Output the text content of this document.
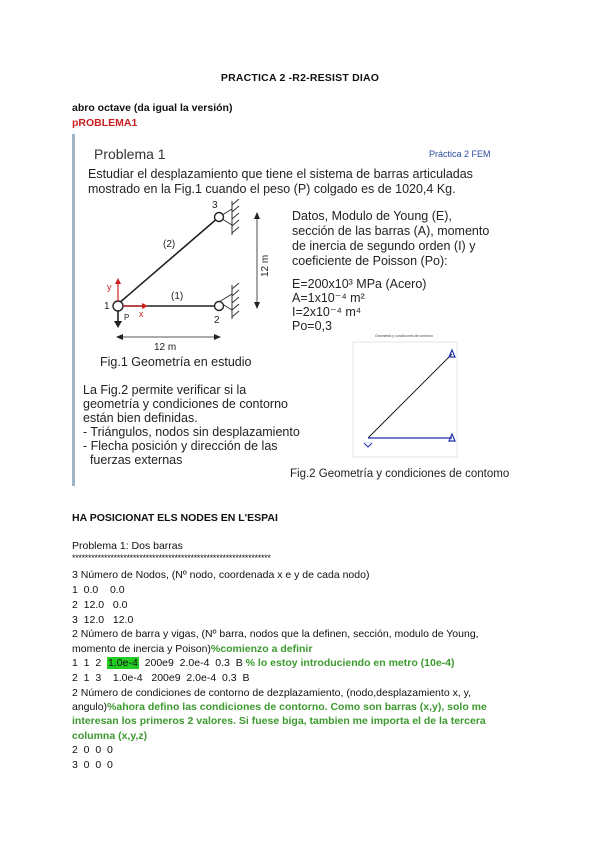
PRACTICA 2 -R2-RESIST DIAO
abro octave (da igual la versión)
pROBLEMA1
Problema 1	Práctica 2 FEM
Estudiar el desplazamiento que tiene el sistema de barras articuladas
mostrado en la Fig.1 cuando el peso (P) colgado es de 1020,4 Kg.
Datos, Modulo de Young (E),
sección de las barras (A), momento
de inercia de segundo orden (I) y
coeficiente de Poisson (Po):
E=200x10³ MPa (Acero)
A=1x10⁻⁴ m²
I=2x10⁻⁴ m⁴
Po=0,3
3
2
1
(2)
(1)
y
x
P
12 m
12 m
Fig.1 Geometría en estudio
Geometria y condiciones de contorno
La Fig.2 permite verificar si la
geometría y condiciones de contorno
están bien definidas.
- Triángulos, nodos sin desplazamiento
- Flecha posición y dirección de las
fuerzas externas
Fig.2 Geometría y condiciones de contomo
HA POSICIONAT ELS NODES EN L'ESPAI
Problema 1: Dos barras
**************************************************************
3 Número de Nodos, (Nº nodo, coordenada x e y de cada nodo)
1  0.0    0.0
2  12.0   0.0
3  12.0   12.0
2 Número de barra y vigas, (Nº barra, nodos que la definen, sección, modulo de Young,
momento de inercia y Poison)%comienzo a definir
1  1  2  1.0e-4  200e9  2.0e-4  0.3  B % lo estoy introduciendo en metro (10e-4)
2  1  3    1.0e-4   200e9  2.0e-4  0.3  B
2 Número de condiciones de contorno de dezplazamiento, (nodo,desplazamiento x, y,
angulo)%ahora defino las condiciones de contorno. Como son barras (x,y), solo me
interesan los primeros 2 valores. Si fuese biga, tambien me importa el de la tercera
columna (x,y,z)
2  0  0  0
3  0  0  0
